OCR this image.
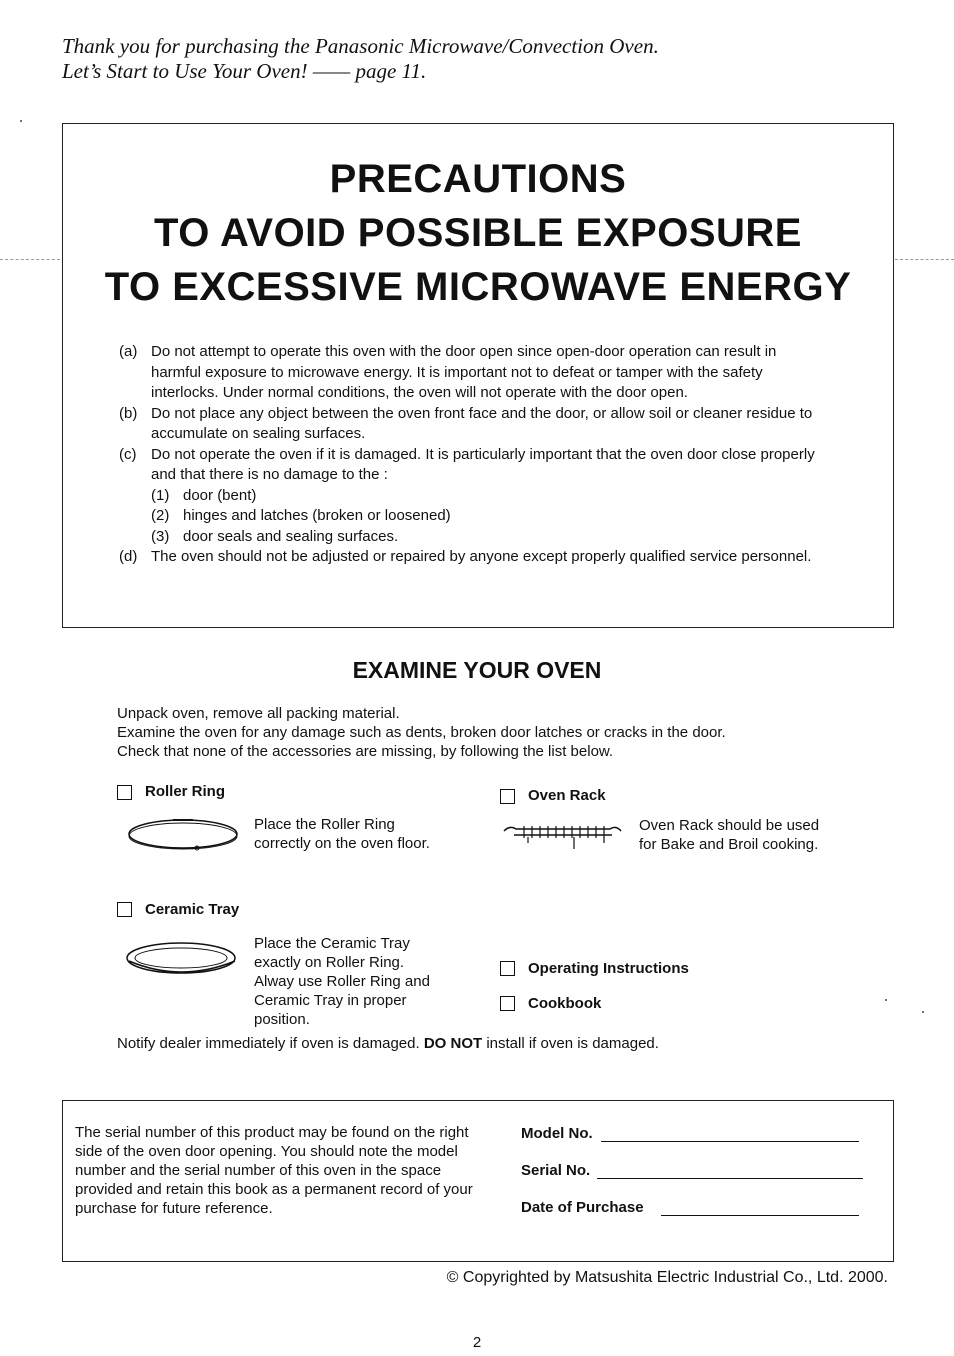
Thank you for purchasing the Panasonic Microwave/Convection Oven.
Let’s Start to Use Your Oven! —— page 11.
PRECAUTIONS
TO AVOID POSSIBLE EXPOSURE
TO EXCESSIVE MICROWAVE ENERGY
(a) Do not attempt to operate this oven with the door open since open-door operation can result in harmful exposure to microwave energy. It is important not to defeat or tamper with the safety interlocks. Under normal conditions, the oven will not operate with the door open.
(b) Do not place any object between the oven front face and the door, or allow soil or cleaner residue to accumulate on sealing surfaces.
(c) Do not operate the oven if it is damaged. It is particularly important that the oven door close properly and that there is no damage to the :
(1) door (bent)
(2) hinges and latches (broken or loosened)
(3) door seals and sealing surfaces.
(d) The oven should not be adjusted or repaired by anyone except properly qualified service personnel.
EXAMINE YOUR OVEN
Unpack oven, remove all packing material.
Examine the oven for any damage such as dents, broken door latches or cracks in the door.
Check that none of the accessories are missing, by following the list below.
Roller Ring
Place the Roller Ring
correctly on the oven floor.
Oven Rack
Oven Rack should be used
for Bake and Broil cooking.
Ceramic Tray
Place the Ceramic Tray
exactly on Roller Ring.
Alway use Roller Ring and
Ceramic Tray in proper
position.
Operating Instructions
Cookbook
Notify dealer immediately if oven is damaged. DO NOT install if oven is damaged.
The serial number of this product may be found on the right side of the oven door opening. You should note the model number and the serial number of this oven in the space provided and retain this book as a permanent record of your purchase for future reference.
Model No.
Serial No.
Date of Purchase
© Copyrighted by Matsushita Electric Industrial Co., Ltd. 2000.
2
